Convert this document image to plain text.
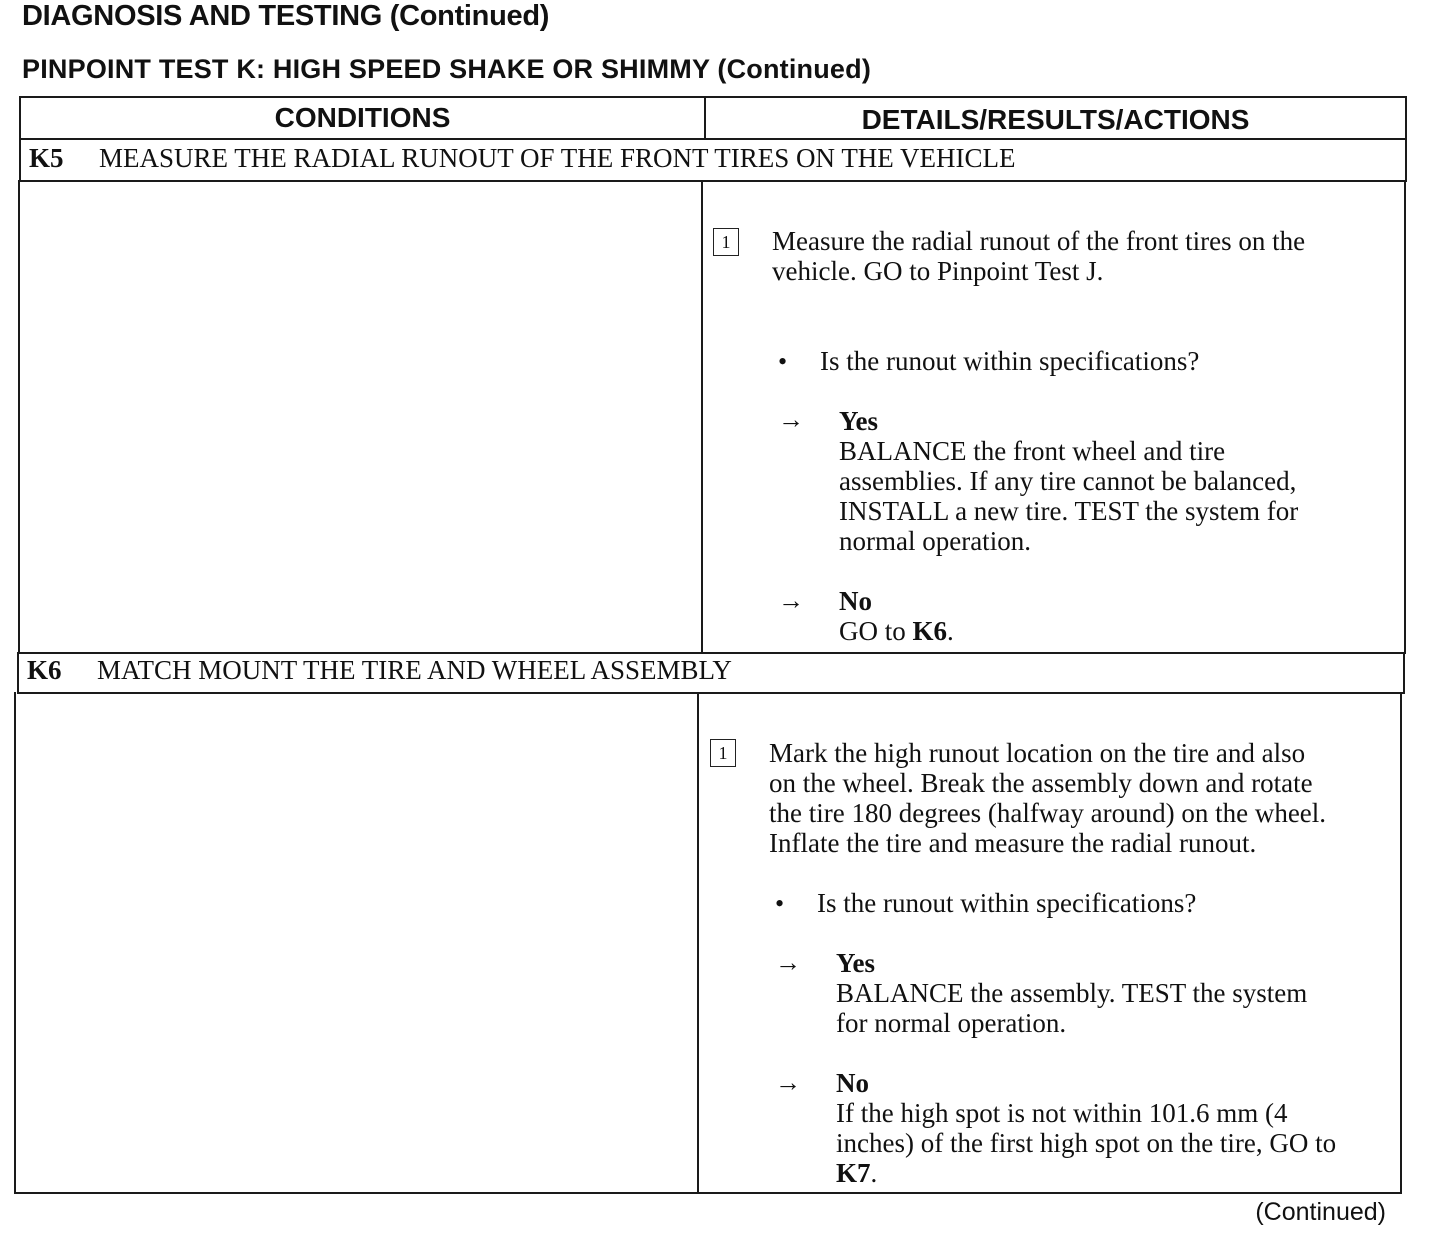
DIAGNOSIS AND TESTING (Continued)
PINPOINT TEST K: HIGH SPEED SHAKE OR SHIMMY (Continued)
CONDITIONS	DETAILS/RESULTS/ACTIONS
K5 MEASURE THE RADIAL RUNOUT OF THE FRONT TIRES ON THE VEHICLE
1	Measure the radial runout of the front tires on the
vehicle. GO to Pinpoint Test J.
• Is the runout within specifications?
→ Yes
BALANCE the front wheel and tire
assemblies. If any tire cannot be balanced,
INSTALL a new tire. TEST the system for
normal operation.
→ No
GO to K6.
K6 MATCH MOUNT THE TIRE AND WHEEL ASSEMBLY
1	Mark the high runout location on the tire and also
on the wheel. Break the assembly down and rotate
the tire 180 degrees (halfway around) on the wheel.
Inflate the tire and measure the radial runout.
• Is the runout within specifications?
→ Yes
BALANCE the assembly. TEST the system
for normal operation.
→ No
If the high spot is not within 101.6 mm (4
inches) of the first high spot on the tire, GO to
K7.
(Continued)
